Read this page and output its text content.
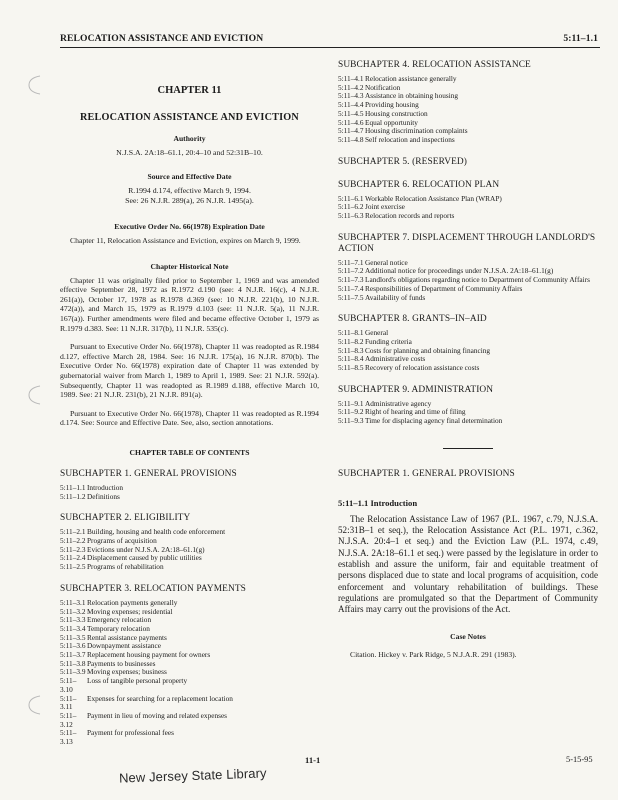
RELOCATION ASSISTANCE AND EVICTION	5:11–1.1
CHAPTER 11
RELOCATION ASSISTANCE AND EVICTION
Authority
N.J.S.A. 2A:18–61.1, 20:4–10 and 52:31B–10.
Source and Effective Date
R.1994 d.174, effective March 9, 1994.
See: 26 N.J.R. 289(a), 26 N.J.R. 1495(a).
Executive Order No. 66(1978) Expiration Date
Chapter 11, Relocation Assistance and Eviction, expires on March 9, 1999.
Chapter Historical Note
Chapter 11 was originally filed prior to September 1, 1969 and was amended effective September 28, 1972 as R.1972 d.190 (see: 4 N.J.R. 16(c), 4 N.J.R. 261(a)), October 17, 1978 as R.1978 d.369 (see: 10 N.J.R. 221(b), 10 N.J.R. 472(a)), and March 15, 1979 as R.1979 d.103 (see: 11 N.J.R. 5(a), 11 N.J.R. 167(a)). Further amendments were filed and became effective October 1, 1979 as R.1979 d.383. See: 11 N.J.R. 317(b), 11 N.J.R. 535(c).
Pursuant to Executive Order No. 66(1978), Chapter 11 was readopted as R.1984 d.127, effective March 28, 1984. See: 16 N.J.R. 175(a), 16 N.J.R. 870(b). The Executive Order No. 66(1978) expiration date of Chapter 11 was extended by gubernatorial waiver from March 1, 1989 to April 1, 1989. See: 21 N.J.R. 592(a). Subsequently, Chapter 11 was readopted as R.1989 d.188, effective March 10, 1989. See: 21 N.J.R. 231(b), 21 N.J.R. 891(a).
Pursuant to Executive Order No. 66(1978), Chapter 11 was readopted as R.1994 d.174. See: Source and Effective Date. See, also, section annotations.
CHAPTER TABLE OF CONTENTS
SUBCHAPTER 1. GENERAL PROVISIONS
5:11–1.1 Introduction
5:11–1.2 Definitions
SUBCHAPTER 2. ELIGIBILITY
5:11–2.1 Building, housing and health code enforcement
5:11–2.2 Programs of acquisition
5:11–2.3 Evictions under N.J.S.A. 2A:18–61.1(g)
5:11–2.4 Displacement caused by public utilities
5:11–2.5 Programs of rehabilitation
SUBCHAPTER 3. RELOCATION PAYMENTS
5:11–3.1 Relocation payments generally
5:11–3.2 Moving expenses; residential
5:11–3.3 Emergency relocation
5:11–3.4 Temporary relocation
5:11–3.5 Rental assistance payments
5:11–3.6 Downpayment assistance
5:11–3.7 Replacement housing payment for owners
5:11–3.8 Payments to businesses
5:11–3.9 Moving expenses; business
5:11–3.10
Loss of tangible personal property
5:11–3.11
Expenses for searching for a replacement location
5:11–3.12
Payment in lieu of moving and related expenses
5:11–3.13
Payment for professional fees
SUBCHAPTER 4. RELOCATION ASSISTANCE
5:11–4.1 Relocation assistance generally
5:11–4.2 Notification
5:11–4.3 Assistance in obtaining housing
5:11–4.4 Providing housing
5:11–4.5 Housing construction
5:11–4.6 Equal opportunity
5:11–4.7 Housing discrimination complaints
5:11–4.8 Self relocation and inspections
SUBCHAPTER 5. (RESERVED)
SUBCHAPTER 6. RELOCATION PLAN
5:11–6.1 Workable Relocation Assistance Plan (WRAP)
5:11–6.2 Joint exercise
5:11–6.3 Relocation records and reports
SUBCHAPTER 7. DISPLACEMENT THROUGH LANDLORD'S ACTION
5:11–7.1 General notice
5:11–7.2 Additional notice for proceedings under N.J.S.A. 2A:18–61.1(g)
5:11–7.3 Landlord's obligations regarding notice to Department of Community Affairs
5:11–7.4 Responsibilities of Department of Community Affairs
5:11–7.5 Availability of funds
SUBCHAPTER 8. GRANTS–IN–AID
5:11–8.1 General
5:11–8.2 Funding criteria
5:11–8.3 Costs for planning and obtaining financing
5:11–8.4 Administrative costs
5:11–8.5 Recovery of relocation assistance costs
SUBCHAPTER 9. ADMINISTRATION
5:11–9.1 Administrative agency
5:11–9.2 Right of hearing and time of filing
5:11–9.3 Time for displacing agency final determination
SUBCHAPTER 1. GENERAL PROVISIONS
5:11–1.1 Introduction
The Relocation Assistance Law of 1967 (P.L. 1967, c.79, N.J.S.A. 52:31B–1 et seq.), the Relocation Assistance Act (P.L. 1971, c.362, N.J.S.A. 20:4–1 et seq.) and the Eviction Law (P.L. 1974, c.49, N.J.S.A. 2A:18–61.1 et seq.) were passed by the legislature in order to establish and assure the uniform, fair and equitable treatment of persons displaced due to state and local programs of acquisition, code enforcement and voluntary rehabilitation of buildings. These regulations are promulgated so that the Department of Community Affairs may carry out the provisions of the Act.
Case Notes
Citation. Hickey v. Park Ridge, 5 N.J.A.R. 291 (1983).
11-1	5-15-95
New Jersey State Library
